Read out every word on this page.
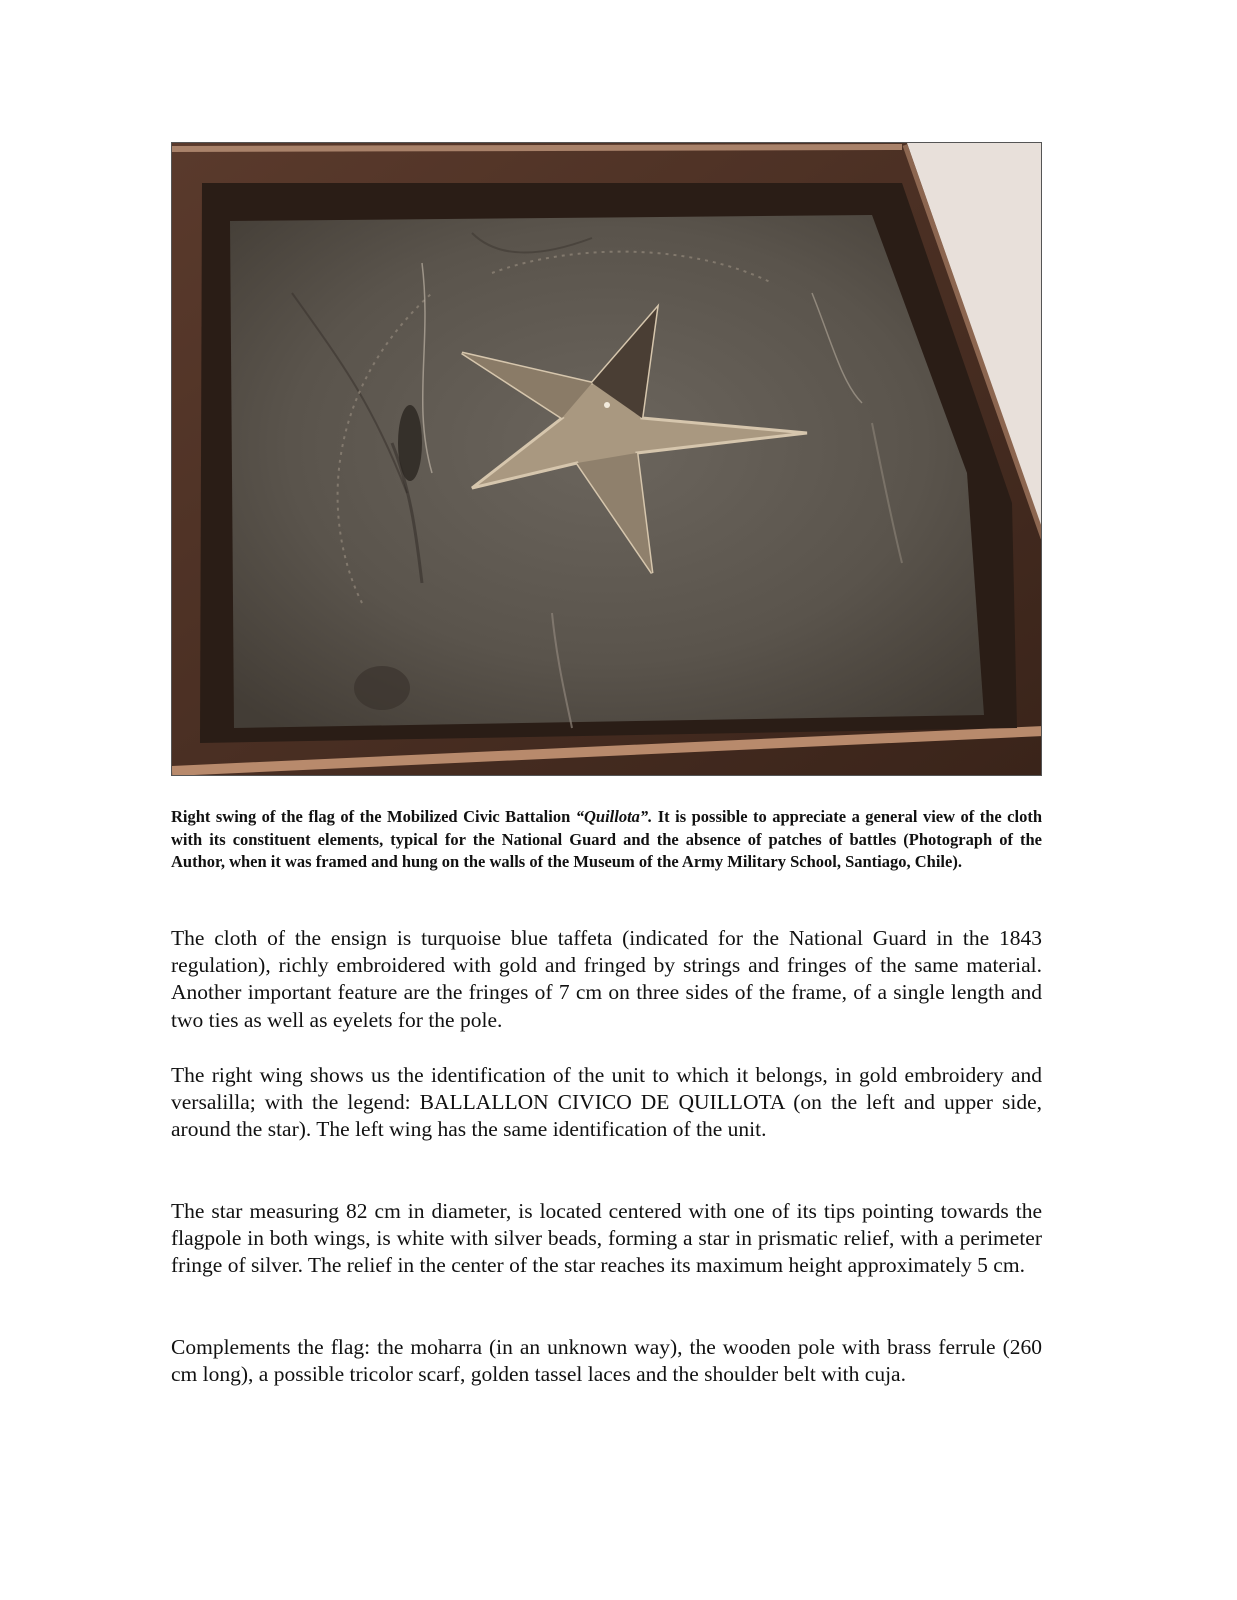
Right swing of the flag of the Mobilized Civic Battalion “Quillota”. It is possible to appreciate a general view of the cloth with its constituent elements, typical for the National Guard and the absence of patches of battles (Photograph of the Author, when it was framed and hung on the walls of the Museum of the Army Military School, Santiago, Chile).

The cloth of the ensign is turquoise blue taffeta (indicated for the National Guard in the 1843 regulation), richly embroidered with gold and fringed by strings and fringes of the same material. Another important feature are the fringes of 7 cm on three sides of the frame, of a single length and two ties as well as eyelets for the pole.

The right wing shows us the identification of the unit to which it belongs, in gold embroidery and versalilla; with the legend: BALLALLON CIVICO DE QUILLOTA (on the left and upper side, around the star). The left wing has the same identification of the unit.

The star measuring 82 cm in diameter, is located centered with one of its tips pointing towards the flagpole in both wings, is white with silver beads, forming a star in prismatic relief, with a perimeter fringe of silver. The relief in the center of the star reaches its maximum height approximately 5 cm.

Complements the flag: the moharra (in an unknown way), the wooden pole with brass ferrule (260 cm long), a possible tricolor scarf, golden tassel laces and the shoulder belt with cuja.
